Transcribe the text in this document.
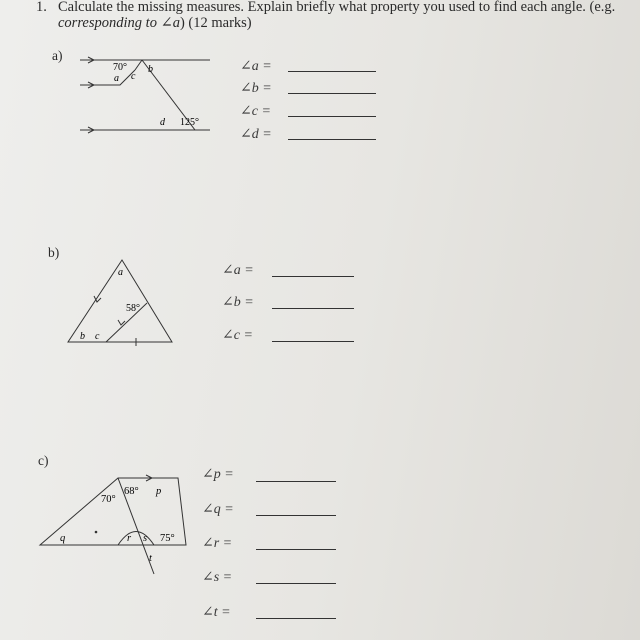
1. Calculate the missing measures. Explain briefly what property you used to find each angle. (e.g.
corresponding to ∠a) (12 marks)
a)
70°
a
b
c
d 125°
∠a =
∠b =
∠c =
∠d =
b)
a
58°
b c
∠a =
∠b =
∠c =
c)
68° p
70°
q	r s 75°
t
∠p =
∠q =
∠r =
∠s =
∠t =
